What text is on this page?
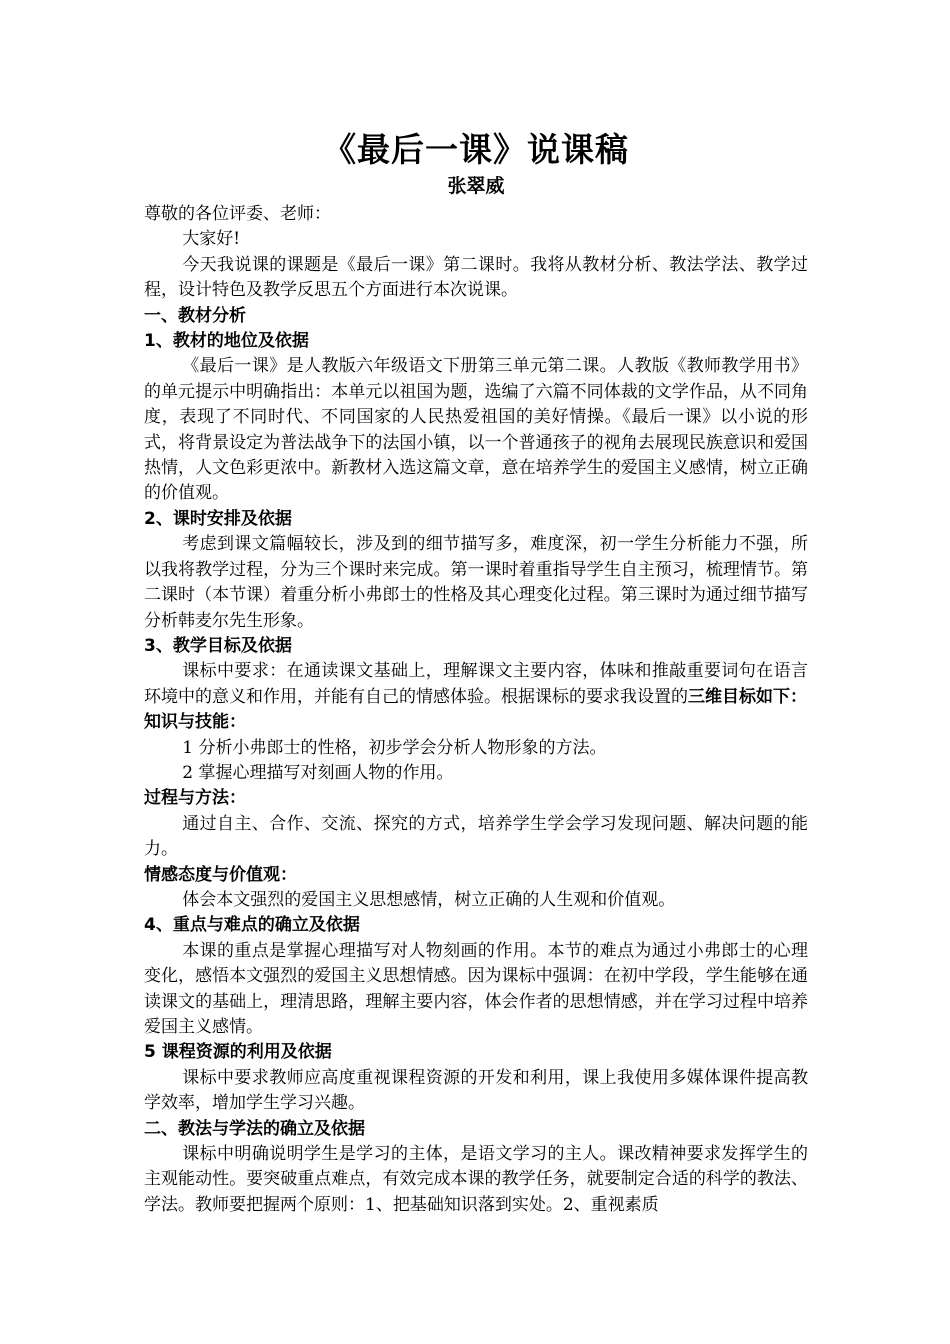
《最后一课》说课稿
张翠威

尊敬的各位评委、老师：

大家好!

今天我说课的课题是《最后一课》第二课时。我将从教材分析、教法学法、教学过程，设计特色及教学反思五个方面进行本次说课。

一、教材分析

1、教材的地位及依据

《最后一课》是人教版六年级语文下册第三单元第二课。人教版《教师教学用书》的单元提示中明确指出：本单元以祖国为题，选编了六篇不同体裁的文学作品，从不同角度，表现了不同时代、不同国家的人民热爱祖国的美好情操。《最后一课》以小说的形式，将背景设定为普法战争下的法国小镇，以一个普通孩子的视角去展现民族意识和爱国热情，人文色彩更浓中。新教材入选这篇文章，意在培养学生的爱国主义感情，树立正确的价值观。

2、课时安排及依据

考虑到课文篇幅较长，涉及到的细节描写多，难度深，初一学生分析能力不强，所以我将教学过程，分为三个课时来完成。第一课时着重指导学生自主预习，梳理情节。第二课时（本节课）着重分析小弗郎士的性格及其心理变化过程。第三课时为通过细节描写分析韩麦尔先生形象。

3、教学目标及依据

课标中要求：在通读课文基础上，理解课文主要内容，体味和推敲重要词句在语言环境中的意义和作用，并能有自己的情感体验。根据课标的要求我设置的三维目标如下：

知识与技能：

1 分析小弗郎士的性格，初步学会分析人物形象的方法。

2 掌握心理描写对刻画人物的作用。

过程与方法：

通过自主、合作、交流、探究的方式，培养学生学会学习发现问题、解决问题的能力。

情感态度与价值观：

体会本文强烈的爱国主义思想感情，树立正确的人生观和价值观。

4、重点与难点的确立及依据

本课的重点是掌握心理描写对人物刻画的作用。本节的难点为通过小弗郎士的心理变化，感悟本文强烈的爱国主义思想情感。因为课标中强调：在初中学段，学生能够在通读课文的基础上，理清思路，理解主要内容，体会作者的思想情感，并在学习过程中培养爱国主义感情。

5 课程资源的利用及依据

课标中要求教师应高度重视课程资源的开发和利用，课上我使用多媒体课件提高教学效率，增加学生学习兴趣。

二、教法与学法的确立及依据

课标中明确说明学生是学习的主体，是语文学习的主人。课改精神要求发挥学生的主观能动性。要突破重点难点，有效完成本课的教学任务，就要制定合适的科学的教法、学法。教师要把握两个原则：1、把基础知识落到实处。2、重视素质
